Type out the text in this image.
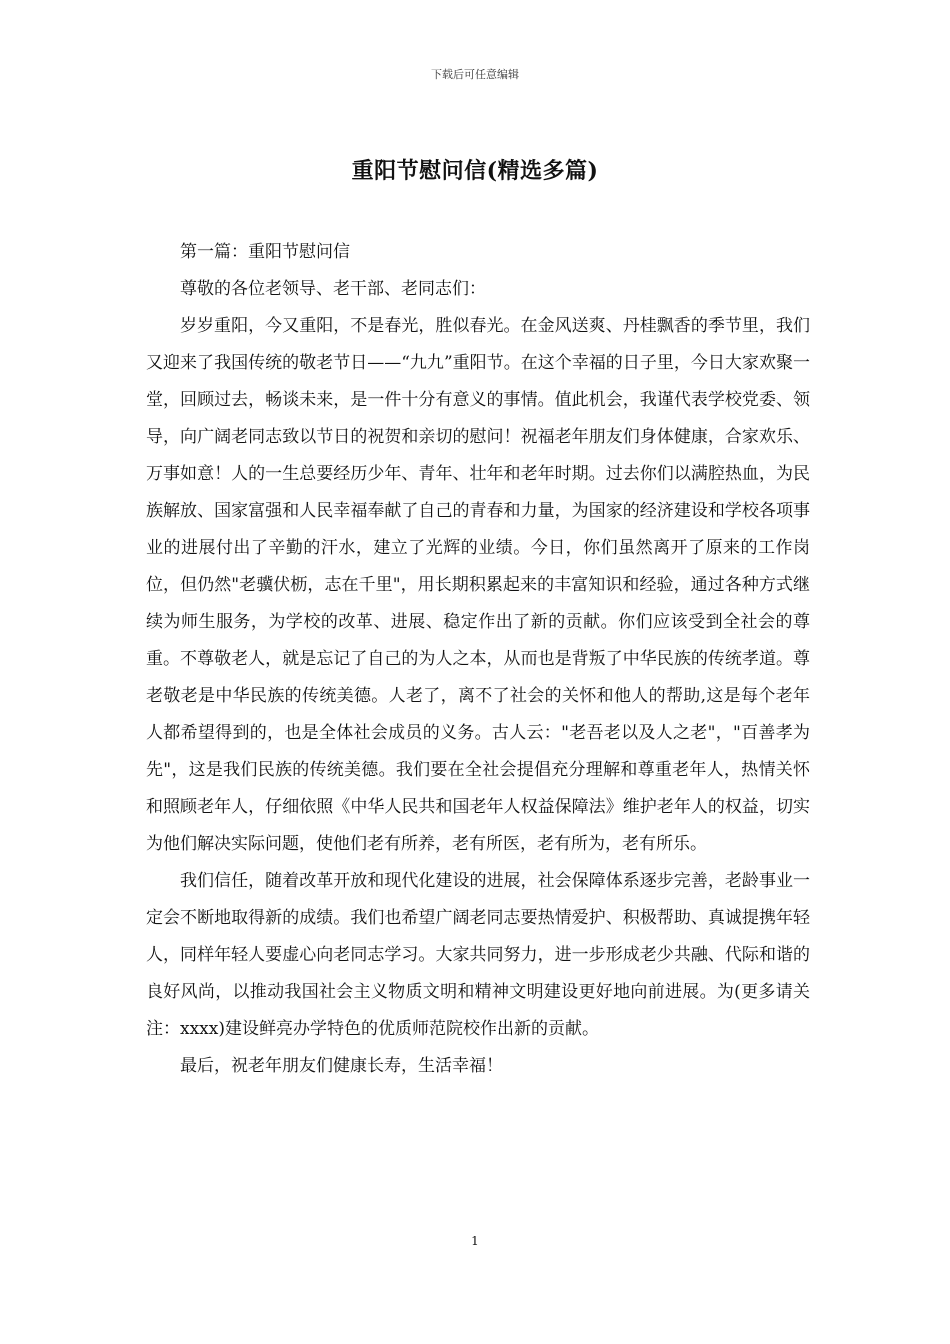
下载后可任意编辑
重阳节慰问信(精选多篇)

第一篇：重阳节慰问信

尊敬的各位老领导、老干部、老同志们：

岁岁重阳，今又重阳，不是春光，胜似春光。在金风送爽、丹桂飘香的季节里，我们又迎来了我国传统的敬老节日——“九九”重阳节。在这个幸福的日子里，今日大家欢聚一堂，回顾过去，畅谈未来，是一件十分有意义的事情。值此机会，我谨代表学校党委、领导，向广阔老同志致以节日的祝贺和亲切的慰问！祝福老年朋友们身体健康，合家欢乐、万事如意！人的一生总要经历少年、青年、壮年和老年时期。过去你们以满腔热血，为民族解放、国家富强和人民幸福奉献了自己的青春和力量，为国家的经济建设和学校各项事业的进展付出了辛勤的汗水，建立了光辉的业绩。今日，你们虽然离开了原来的工作岗位，但仍然"老骥伏枥，志在千里"，用长期积累起来的丰富知识和经验，通过各种方式继续为师生服务，为学校的改革、进展、稳定作出了新的贡献。你们应该受到全社会的尊重。不尊敬老人，就是忘记了自己的为人之本，从而也是背叛了中华民族的传统孝道。尊老敬老是中华民族的传统美德。人老了，离不了社会的关怀和他人的帮助,这是每个老年人都希望得到的，也是全体社会成员的义务。古人云："老吾老以及人之老"，"百善孝为先"，这是我们民族的传统美德。我们要在全社会提倡充分理解和尊重老年人，热情关怀和照顾老年人，仔细依照《中华人民共和国老年人权益保障法》维护老年人的权益，切实为他们解决实际问题，使他们老有所养，老有所医，老有所为，老有所乐。

我们信任，随着改革开放和现代化建设的进展，社会保障体系逐步完善，老龄事业一定会不断地取得新的成绩。我们也希望广阔老同志要热情爱护、积极帮助、真诚提携年轻人，同样年轻人要虚心向老同志学习。大家共同努力，进一步形成老少共融、代际和谐的良好风尚，以推动我国社会主义物质文明和精神文明建设更好地向前进展。为(更多请关注：xxxx)建设鲜亮办学特色的优质师范院校作出新的贡献。

最后，祝老年朋友们健康长寿，生活幸福！

1
